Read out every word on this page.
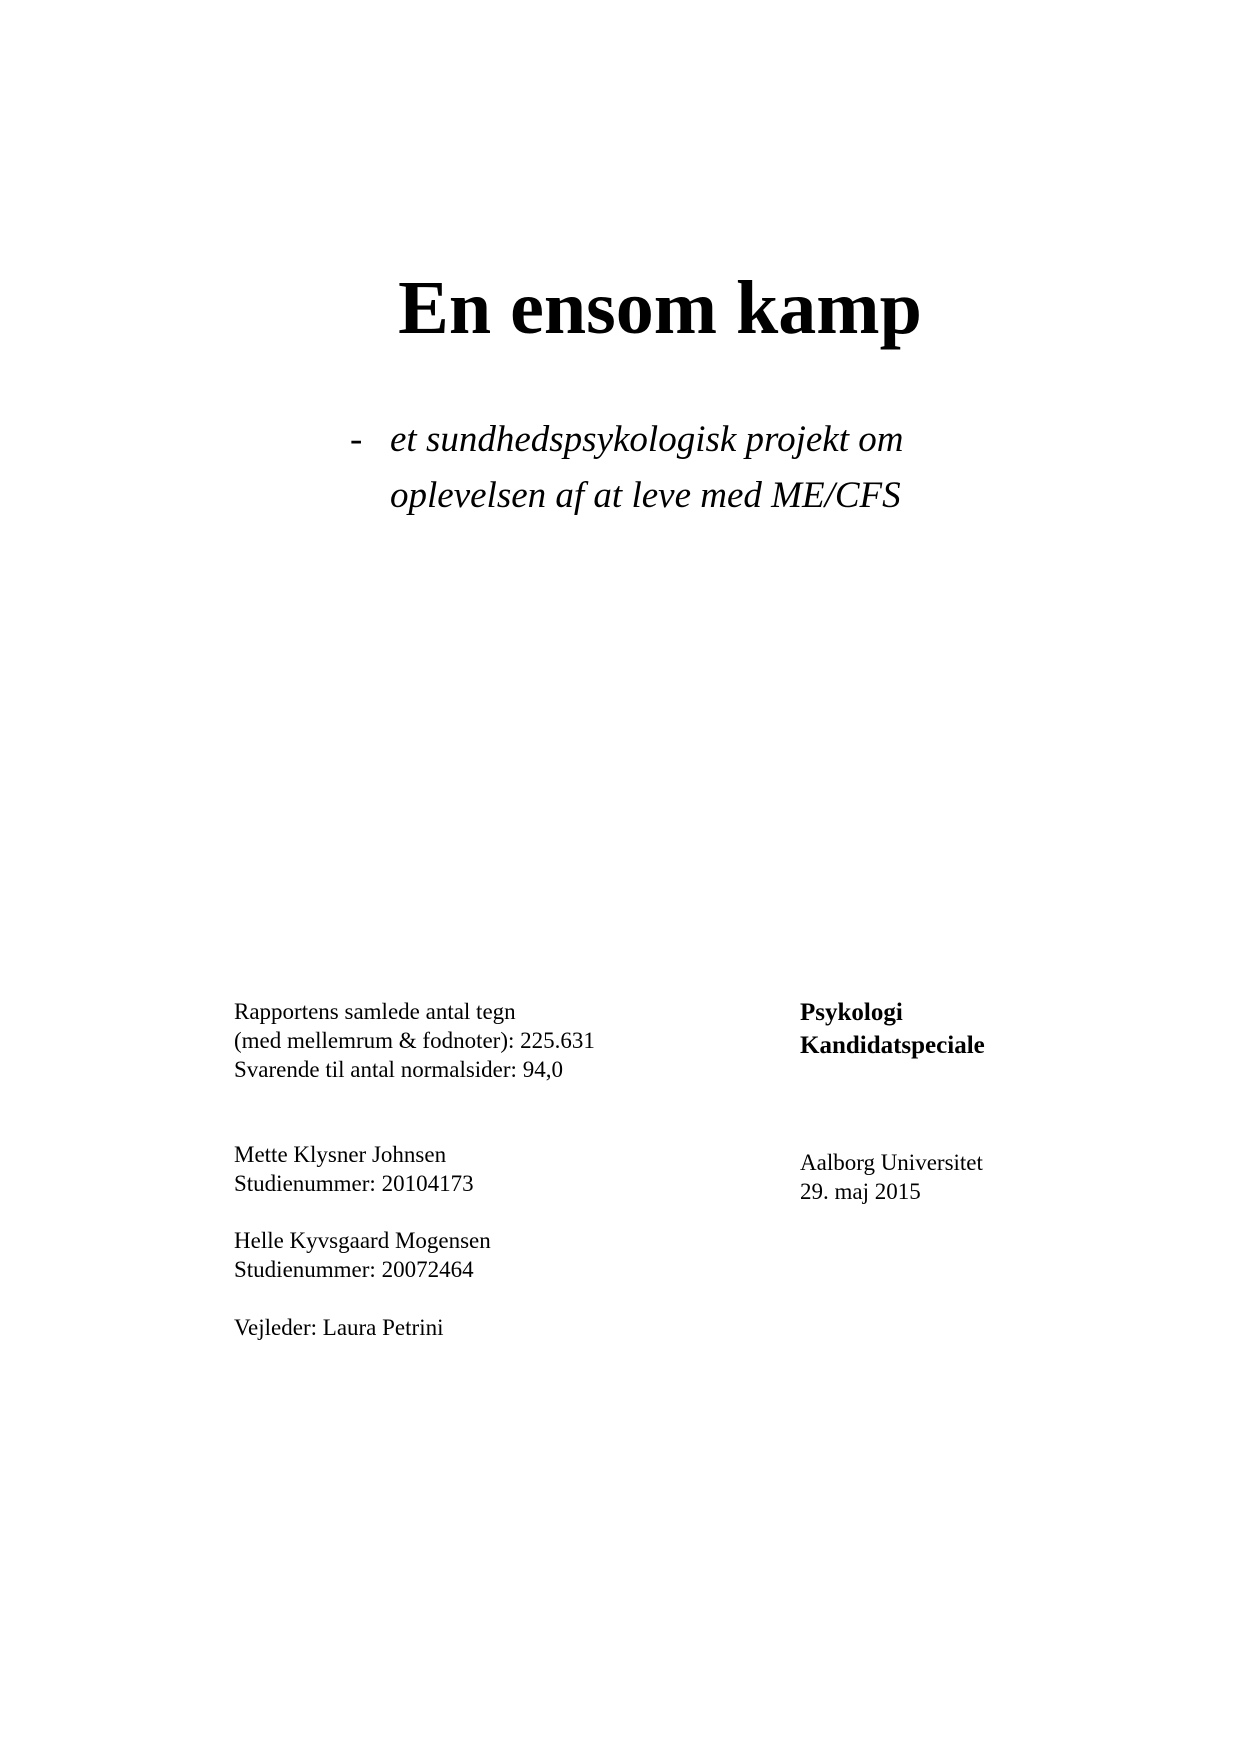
En ensom kamp
- et sundhedspsykologisk projekt om
oplevelsen af at leve med ME/CFS
Rapportens samlede antal tegn
(med mellemrum & fodnoter): 225.631
Svarende til antal normalsider: 94,0
Mette Klysner Johnsen
Studienummer: 20104173
Helle Kyvsgaard Mogensen
Studienummer: 20072464
Vejleder: Laura Petrini
Psykologi
Kandidatspeciale
Aalborg Universitet
29. maj 2015
